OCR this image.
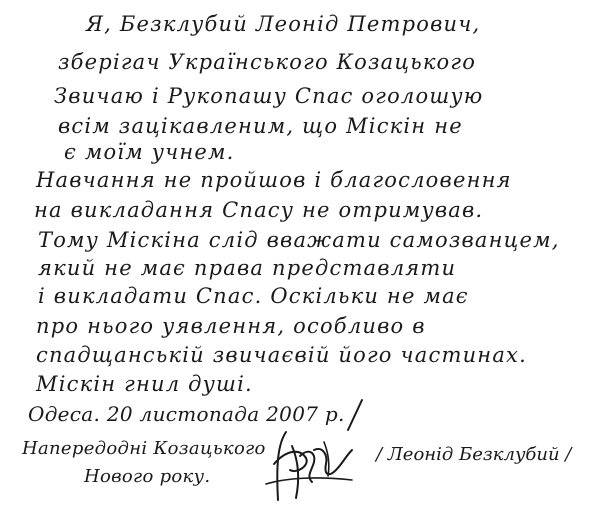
Я, Безклубий Леонід Петрович,
зберігач Українського Козацького
Звичаю і Рукопашу Спас оголошую
всім зацікавленим, що Міскін не
є моїм учнем.
Навчання не пройшов і благословення
на викладання Спасу не отримував.
Тому Міскіна слід вважати самозванцем,
який не має права представляти
і викладати Спас. Оскільки не має
про нього уявлення, особливо в
спадщанській звичаєвій його частинах.
Міскін гнил душі.
Одеса. 20 листопада 2007 р.
Напередодні Козацького
Нового року.
/ Леонід Безклубий /
